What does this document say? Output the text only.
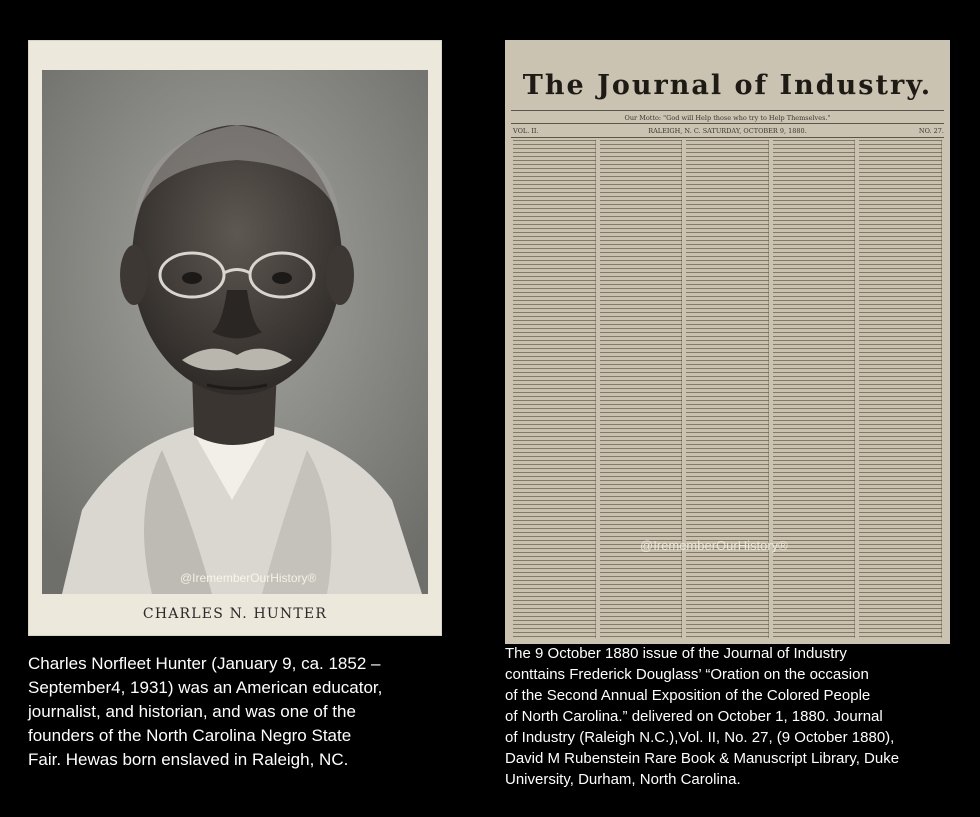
@IrememberOurHistory®
CHARLES N. HUNTER
The Journal of Industry.
Our Motto: "God will Help those who try to Help Themselves."
VOL. II.	RALEIGH, N. C. SATURDAY, OCTOBER 9, 1880.	NO. 27.
@IrememberOurHistory®

Charles Norfleet Hunter (January 9, ca. 1852 –

September4, 1931) was an American educator,

journalist, and historian, and was one of the

founders of the North Carolina Negro State

Fair. Hewas born enslaved in Raleigh, NC.

The 9 October 1880 issue of the Journal of Industry

conttains Frederick Douglass’ “Oration on the occasion

of the Second Annual Exposition of the Colored People

of North Carolina.” delivered on October 1, 1880. Journal

of Industry (Raleigh N.C.),Vol. II, No. 27, (9 October 1880),

David M Rubenstein Rare Book & Manuscript Library, Duke

University, Durham, North Carolina.
